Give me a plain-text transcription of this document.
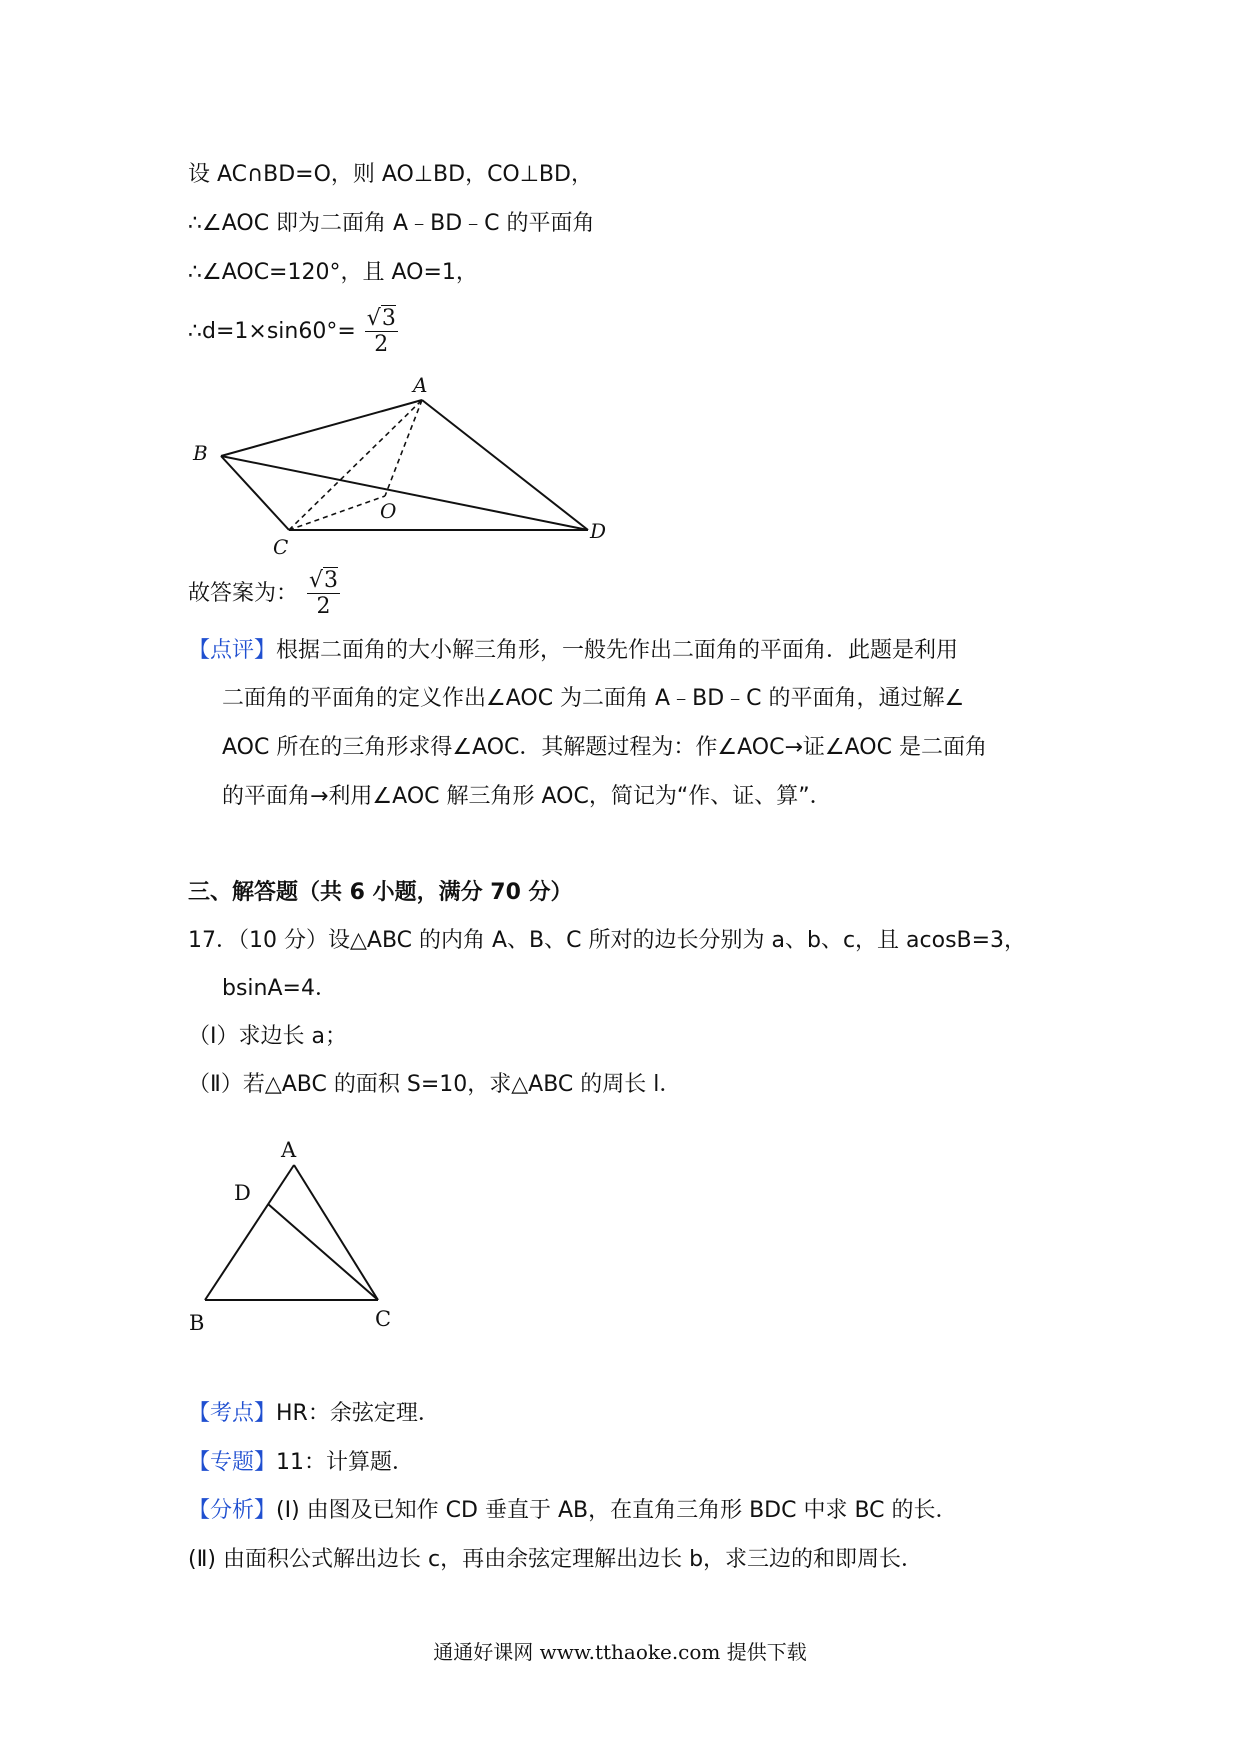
设 AC∩BD=O，则 AO⊥BD，CO⊥BD，
∴∠AOC 即为二面角 A﹣BD﹣C 的平面角
∴∠AOC=120°，且 AO=1，
∴d=1×sin60°= $\frac{√3}{2}$
A
B
C
D
O
故答案为： $\frac{√3}{2}$
【点评】根据二面角的大小解三角形，一般先作出二面角的平面角．此题是利用
二面角的平面角的定义作出∠AOC 为二面角 A﹣BD﹣C 的平面角，通过解∠
AOC 所在的三角形求得∠AOC．其解题过程为：作∠AOC→证∠AOC 是二面角
的平面角→利用∠AOC 解三角形 AOC，简记为“作、证、算”．
三、解答题（共 6 小题，满分 70 分）
17．（10 分）设△ABC 的内角 A、B、C 所对的边长分别为 a、b、c，且 acosB=3，
bsinA=4．
（Ⅰ）求边长 a；
（Ⅱ）若△ABC 的面积 S=10，求△ABC 的周长 l．
A
B	C
D
【考点】HR：余弦定理．
【专题】11：计算题．
【分析】(Ⅰ) 由图及已知作 CD 垂直于 AB，在直角三角形 BDC 中求 BC 的长．
(Ⅱ) 由面积公式解出边长 c，再由余弦定理解出边长 b，求三边的和即周长．
通通好课网 www.tthaoke.com 提供下载
